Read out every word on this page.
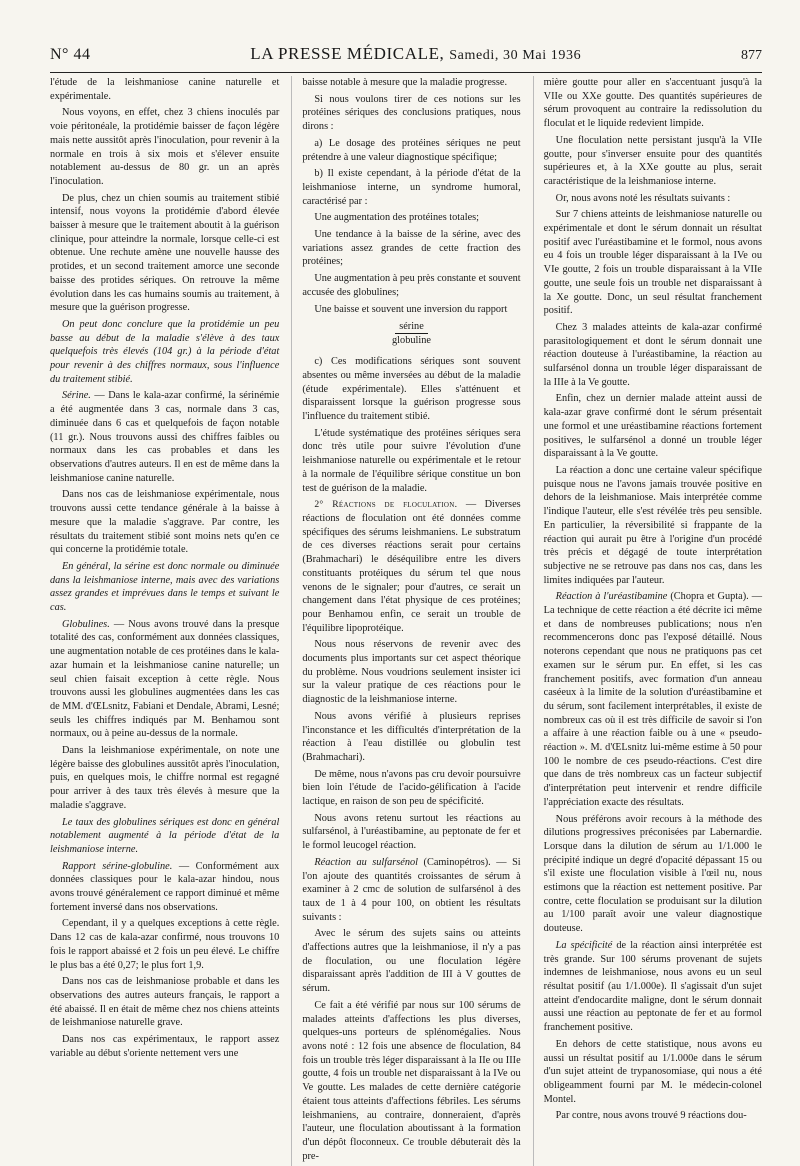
N° 44	LA PRESSE MÉDICALE, Samedi, 30 Mai 1936	877

l'étude de la leishmaniose canine naturelle et expérimentale.

Nous voyons, en effet, chez 3 chiens inoculés par voie péritonéale, la protidémie baisser de façon légère mais nette aussitôt après l'inoculation, pour revenir à la normale en trois à six mois et s'élever ensuite notablement au-dessus de 80 gr. un an après l'inoculation.

De plus, chez un chien soumis au traitement stibié intensif, nous voyons la protidémie d'abord élevée baisser à mesure que le traitement aboutit à la guérison clinique, pour atteindre la normale, lorsque celle-ci est obtenue. Une rechute amène une nouvelle hausse des protides, et un second traitement amorce une seconde baisse des protides sériques. On retrouve la même évolution dans les cas humains soumis au traitement, à mesure que la guérison progresse.

On peut donc conclure que la protidémie un peu basse au début de la maladie s'élève à des taux quelquefois très élevés (104 gr.) à la période d'état pour revenir à des chiffres normaux, sous l'influence du traitement stibié.

Sérine. — Dans le kala-azar confirmé, la sérinémie a été augmentée dans 3 cas, normale dans 3 cas, diminuée dans 6 cas et quelquefois de façon notable (11 gr.). Nous trouvons aussi des chiffres faibles ou normaux dans les cas probables et dans les observations d'autres auteurs. Il en est de même dans la leishmaniose canine naturelle.

Dans nos cas de leishmaniose expérimentale, nous trouvons aussi cette tendance générale à la baisse à mesure que la maladie s'aggrave. Par contre, les résultats du traitement stibié sont moins nets qu'en ce qui concerne la protidémie totale.

En général, la sérine est donc normale ou diminuée dans la leishmaniose interne, mais avec des variations assez grandes et imprévues dans le temps et suivant le cas.

Globulines. — Nous avons trouvé dans la presque totalité des cas, conformément aux données classiques, une augmentation notable de ces protéines dans le kala-azar humain et la leishmaniose canine naturelle; un seul chien faisait exception à cette règle. Nous trouvons aussi les globulines augmentées dans les cas de MM. d'ŒLsnitz, Fabiani et Dendale, Abrami, Lesné; seuls les chiffres indiqués par M. Benhamou sont normaux, ou à peine au-dessus de la normale.

Dans la leishmaniose expérimentale, on note une légère baisse des globulines aussitôt après l'inoculation, puis, en quelques mois, le chiffre normal est regagné pour arriver à des taux très élevés à mesure que la maladie s'aggrave.

Le taux des globulines sériques est donc en général notablement augmenté à la période d'état de la leishmaniose interne.

Rapport sérine-globuline. — Conformément aux données classiques pour le kala-azar hindou, nous avons trouvé généralement ce rapport diminué et même fortement inversé dans nos observations.

Cependant, il y a quelques exceptions à cette règle. Dans 12 cas de kala-azar confirmé, nous trouvons 10 fois le rapport abaissé et 2 fois un peu élevé. Le chiffre le plus bas a été 0,27; le plus fort 1,9.

Dans nos cas de leishmaniose probable et dans les observations des autres auteurs français, le rapport a été abaissé. Il en était de même chez nos chiens atteints de leishmaniose naturelle grave.

Dans nos cas expérimentaux, le rapport assez variable au début s'oriente nettement vers une

baisse notable à mesure que la maladie progresse.

Si nous voulons tirer de ces notions sur les protéines sériques des conclusions pratiques, nous dirons :

a) Le dosage des protéines sériques ne peut prétendre à une valeur diagnostique spécifique;

b) Il existe cependant, à la période d'état de la leishmaniose interne, un syndrome humoral, caractérisé par :

Une augmentation des protéines totales;

Une tendance à la baisse de la sérine, avec des variations assez grandes de cette fraction des protéines;

Une augmentation à peu près constante et souvent accusée des globulines;

Une baisse et souvent une inversion du rapport

sérine
globuline

c) Ces modifications sériques sont souvent absentes ou même inversées au début de la maladie (étude expérimentale). Elles s'atténuent et disparaissent lorsque la guérison progresse sous l'influence du traitement stibié.

L'étude systématique des protéines sériques sera donc très utile pour suivre l'évolution d'une leishmaniose naturelle ou expérimentale et le retour à la normale de l'équilibre sérique constitue un bon test de guérison de la maladie.

2° Réactions de floculation. — Diverses réactions de floculation ont été données comme spécifiques des sérums leishmaniens. Le substratum de ces diverses réactions serait pour certains (Brahmachari) le déséquilibre entre les divers constituants protéiques du sérum tel que nous venons de le signaler; pour d'autres, ce serait un changement dans l'état physique de ces protéines; pour Benhamou enfin, ce serait un trouble de l'équilibre lipoprotéique.

Nous nous réservons de revenir avec des documents plus importants sur cet aspect théorique du problème. Nous voudrions seulement insister ici sur la valeur pratique de ces réactions pour le diagnostic de la leishmaniose interne.

Nous avons vérifié à plusieurs reprises l'inconstance et les difficultés d'interprétation de la réaction à l'eau distillée ou globulin test (Brahmachari).

De même, nous n'avons pas cru devoir poursuivre bien loin l'étude de l'acido-gélification à l'acide lactique, en raison de son peu de spécificité.

Nous avons retenu surtout les réactions au sulfarsénol, à l'uréastibamine, au peptonate de fer et le formol leucogel réaction.

Réaction au sulfarsénol (Caminopétros). — Si l'on ajoute des quantités croissantes de sérum à examiner à 2 cmc de solution de sulfarsénol à des taux de 1 à 4 pour 100, on obtient les résultats suivants :

Avec le sérum des sujets sains ou atteints d'affections autres que la leishmaniose, il n'y a pas de floculation, ou une floculation légère disparaissant après l'addition de III à V gouttes de sérum.

Ce fait a été vérifié par nous sur 100 sérums de malades atteints d'affections les plus diverses, quelques-uns porteurs de splénomégalies. Nous avons noté : 12 fois une absence de floculation, 84 fois un trouble très léger disparaissant à la IIe ou IIIe goutte, 4 fois un trouble net disparaissant à la IVe ou Ve goutte. Les malades de cette dernière catégorie étaient tous atteints d'affections fébriles. Les sérums leishmaniens, au contraire, donneraient, d'après l'auteur, une floculation aboutissant à la formation d'un dépôt floconneux. Ce trouble débuterait dès la pre-

mière goutte pour aller en s'accentuant jusqu'à la VIIe ou XXe goutte. Des quantités supérieures de sérum provoquent au contraire la redissolution du floculat et le liquide redevient limpide.

Une floculation nette persistant jusqu'à la VIIe goutte, pour s'inverser ensuite pour des quantités supérieures et, à la XXe goutte au plus, serait caractéristique de la leishmaniose interne.

Or, nous avons noté les résultats suivants :

Sur 7 chiens atteints de leishmaniose naturelle ou expérimentale et dont le sérum donnait un résultat positif avec l'uréastibamine et le formol, nous avons eu 4 fois un trouble léger disparaissant à la IVe ou VIe goutte, 2 fois un trouble disparaissant à la VIIe goutte, une seule fois un trouble net disparaissant à la Xe goutte. Donc, un seul résultat franchement positif.

Chez 3 malades atteints de kala-azar confirmé parasitologiquement et dont le sérum donnait une réaction douteuse à l'uréastibamine, la réaction au sulfarsénol donna un trouble léger disparaissant de la IIIe à la Ve goutte.

Enfin, chez un dernier malade atteint aussi de kala-azar grave confirmé dont le sérum présentait une formol et une uréastibamine réactions fortement positives, le sulfarsénol a donné un trouble léger disparaissant à la Ve goutte.

La réaction a donc une certaine valeur spécifique puisque nous ne l'avons jamais trouvée positive en dehors de la leishmaniose. Mais interprétée comme l'indique l'auteur, elle s'est révélée très peu sensible. En particulier, la réversibilité si frappante de la réaction qui aurait pu être à l'origine d'un procédé très précis et dégagé de toute interprétation subjective ne se retrouve pas dans nos cas, dans les limites indiquées par l'auteur.

Réaction à l'uréastibamine (Chopra et Gupta). — La technique de cette réaction a été décrite ici même et dans de nombreuses publications; nous n'en recommencerons donc pas l'exposé détaillé. Nous noterons cependant que nous ne pratiquons pas cet examen sur le sérum pur. En effet, si les cas franchement positifs, avec formation d'un anneau caséeux à la limite de la solution d'uréastibamine et du sérum, sont facilement interprétables, il existe de nombreux cas où il est très difficile de savoir si l'on a affaire à une réaction faible ou à une « pseudo-réaction ». M. d'ŒLsnitz lui-même estime à 50 pour 100 le nombre de ces pseudo-réactions. C'est dire que dans de très nombreux cas un facteur subjectif d'interprétation peut intervenir et rendre difficile l'appréciation exacte des résultats.

Nous préférons avoir recours à la méthode des dilutions progressives préconisées par Labernardie. Lorsque dans la dilution de sérum au 1/1.000 le précipité indique un degré d'opacité dépassant 15 ou s'il existe une floculation visible à l'œil nu, nous estimons que la réaction est nettement positive. Par contre, cette floculation se produisant sur la dilution au 1/100 paraît avoir une valeur diagnostique douteuse.

La spécificité de la réaction ainsi interprétée est très grande. Sur 100 sérums provenant de sujets indemnes de leishmaniose, nous avons eu un seul résultat positif (au 1/1.000e). Il s'agissait d'un sujet atteint d'endocardite maligne, dont le sérum donnait aussi une réaction au peptonate de fer et au formol franchement positive.

En dehors de cette statistique, nous avons eu aussi un résultat positif au 1/1.000e dans le sérum d'un sujet atteint de trypanosomiase, qui nous a été obligeamment fourni par M. le médecin-colonel Montel.

Par contre, nous avons trouvé 9 réactions dou-
